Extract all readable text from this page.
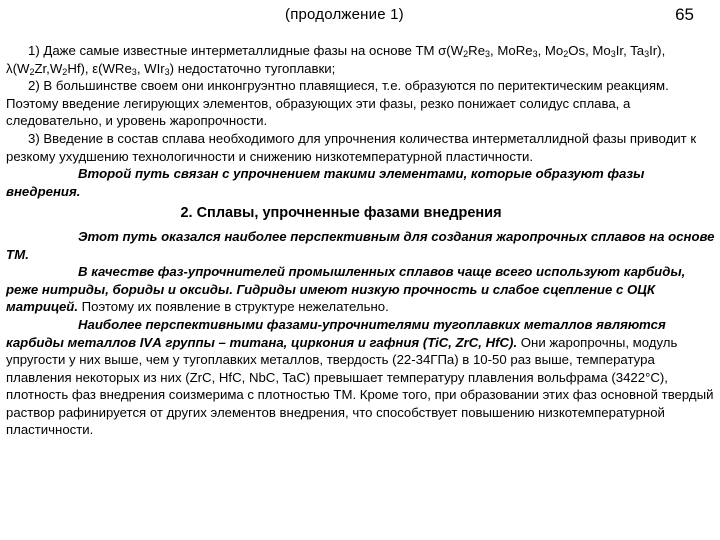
(продолжение 1)	65

1) Даже самые известные интерметаллидные фазы на основе ТМ $\sigma(W_2Re_3$, MoRe$_3$, $Mo_2Os$, $Mo_3Ir$, $Ta_3Ir$), $\lambda(W_2Zr,W_2Hf)$, ε(WRe$_3$, WIr$_3$) недостаточно тугоплавки;

2) В большинстве своем они инконгруэнтно плавящиеся, т.е. образуются по перитектическим реакциям. Поэтому введение легирующих элементов, образующих эти фазы, резко понижает солидус сплава, а следовательно, и уровень жаропрочности.

3) Введение в состав сплава необходимого для упрочнения количества интерметаллидной фазы приводит к резкому ухудшению технологичности и снижению низкотемпературной пластичности.

Второй путь связан с упрочнением такими элементами, которые образуют фазы внедрения.

2. Сплавы, упрочненные фазами внедрения

Этот путь оказался наиболее перспективным для создания жаропрочных сплавов на основе ТМ.

В качестве фаз-упрочнителей промышленных сплавов чаще всего используют карбиды, реже нитриды, бориды и оксиды. Гидриды имеют низкую прочность и слабое сцепление с ОЦК матрицей. Поэтому их появление в структуре нежелательно.

Наиболее перспективными фазами-упрочнителями тугоплавких металлов являются карбиды металлов IVА группы – титана, циркония и гафния (TiC, ZrC, HfC). Они жаропрочны, модуль упругости у них выше, чем у тугоплавких металлов, твердость (22-34ГПа) в 10-50 раз выше, температура плавления некоторых из них (ZrC, HfC, NbC, TaC) превышает температуру плавления вольфрама (3422°С), плотность фаз внедрения соизмерима с плотностью ТМ. Кроме того, при образовании этих фаз основной твердый раствор рафинируется от других элементов внедрения, что способствует повышению низкотемпературной пластичности.
